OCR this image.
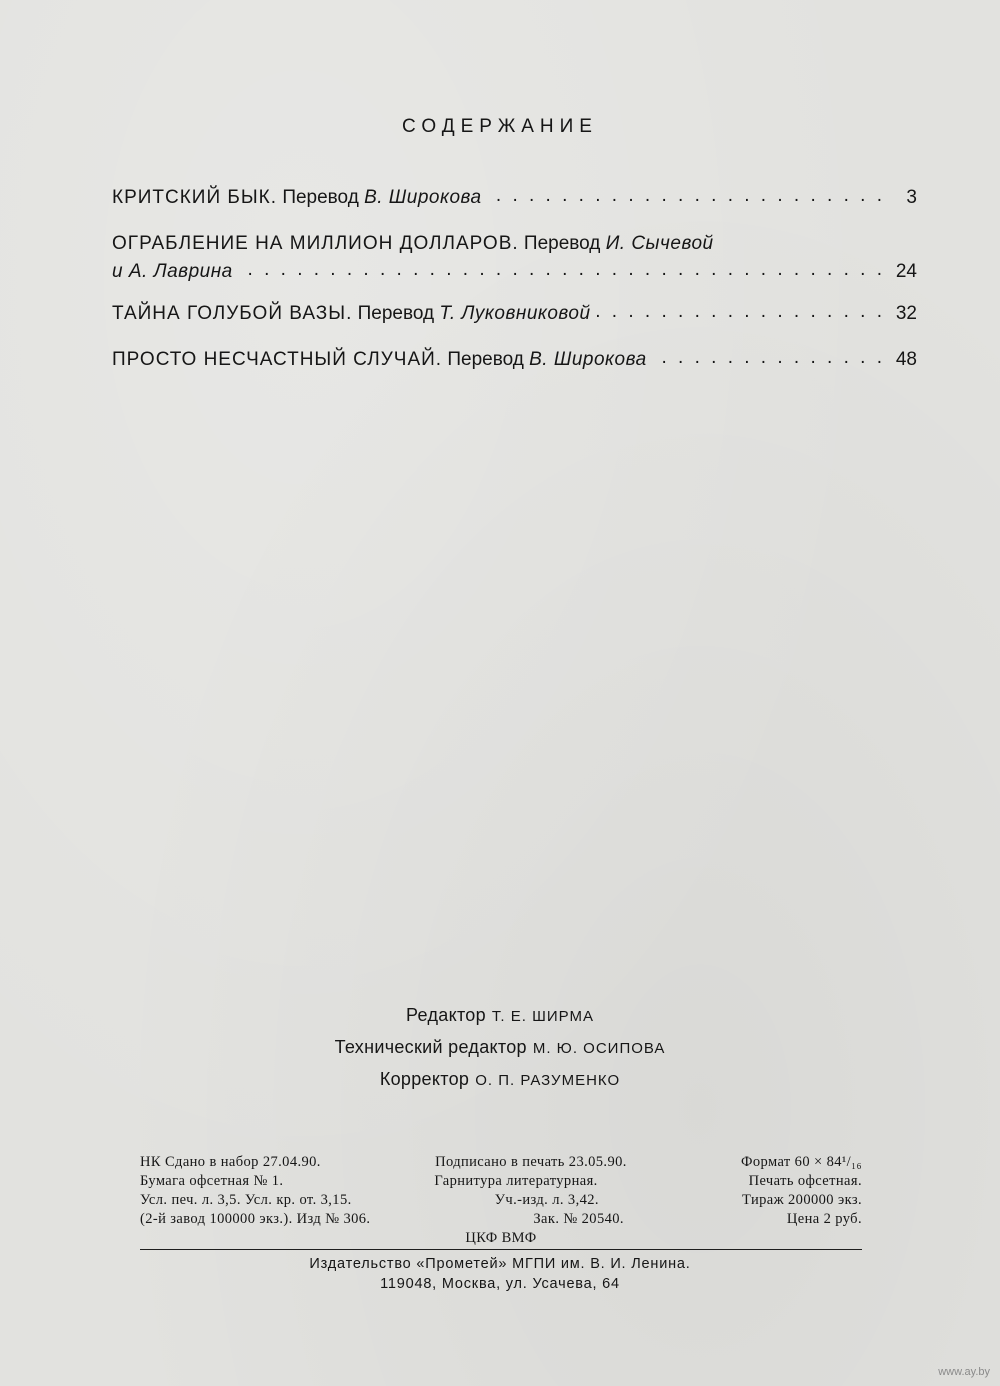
СОДЕРЖАНИЕ
КРИТСКИЙ БЫК.
Перевод
В. Широкова . . .	3
ОГРАБЛЕНИЕ НА МИЛЛИОН ДОЛЛАРОВ.
Перевод
И. Сычевой
и А. Лаврина . . .	24
ТАЙНА ГОЛУБОЙ ВАЗЫ.
Перевод
Т. Луковниковой . . .	32
ПРОСТО НЕСЧАСТНЫЙ СЛУЧАЙ.
Перевод
В. Широкова . . .	48
Редактор Т. Е. ШИРМА
Технический редактор М. Ю. ОСИПОВА
Корректор О. П. РАЗУМЕНКО
НК Сдано в набор 27.04.90.	Подписано в печать 23.05.90.	Формат 60 × 84¹/₁₆
Бумага офсетная № 1.	Гарнитура литературная.	Печать офсетная.
Усл. печ. л. 3,5. Усл. кр. от. 3,15.	Уч.-изд. л. 3,42.	Тираж 200000 экз.
(2-й завод 100000 экз.). Изд № 306.	Зак. № 20540.	Цена 2 руб.
ЦКФ ВМФ
Издательство «Прометей» МГПИ им. В. И. Ленина.
119048, Москва, ул. Усачева, 64
www.ay.by
